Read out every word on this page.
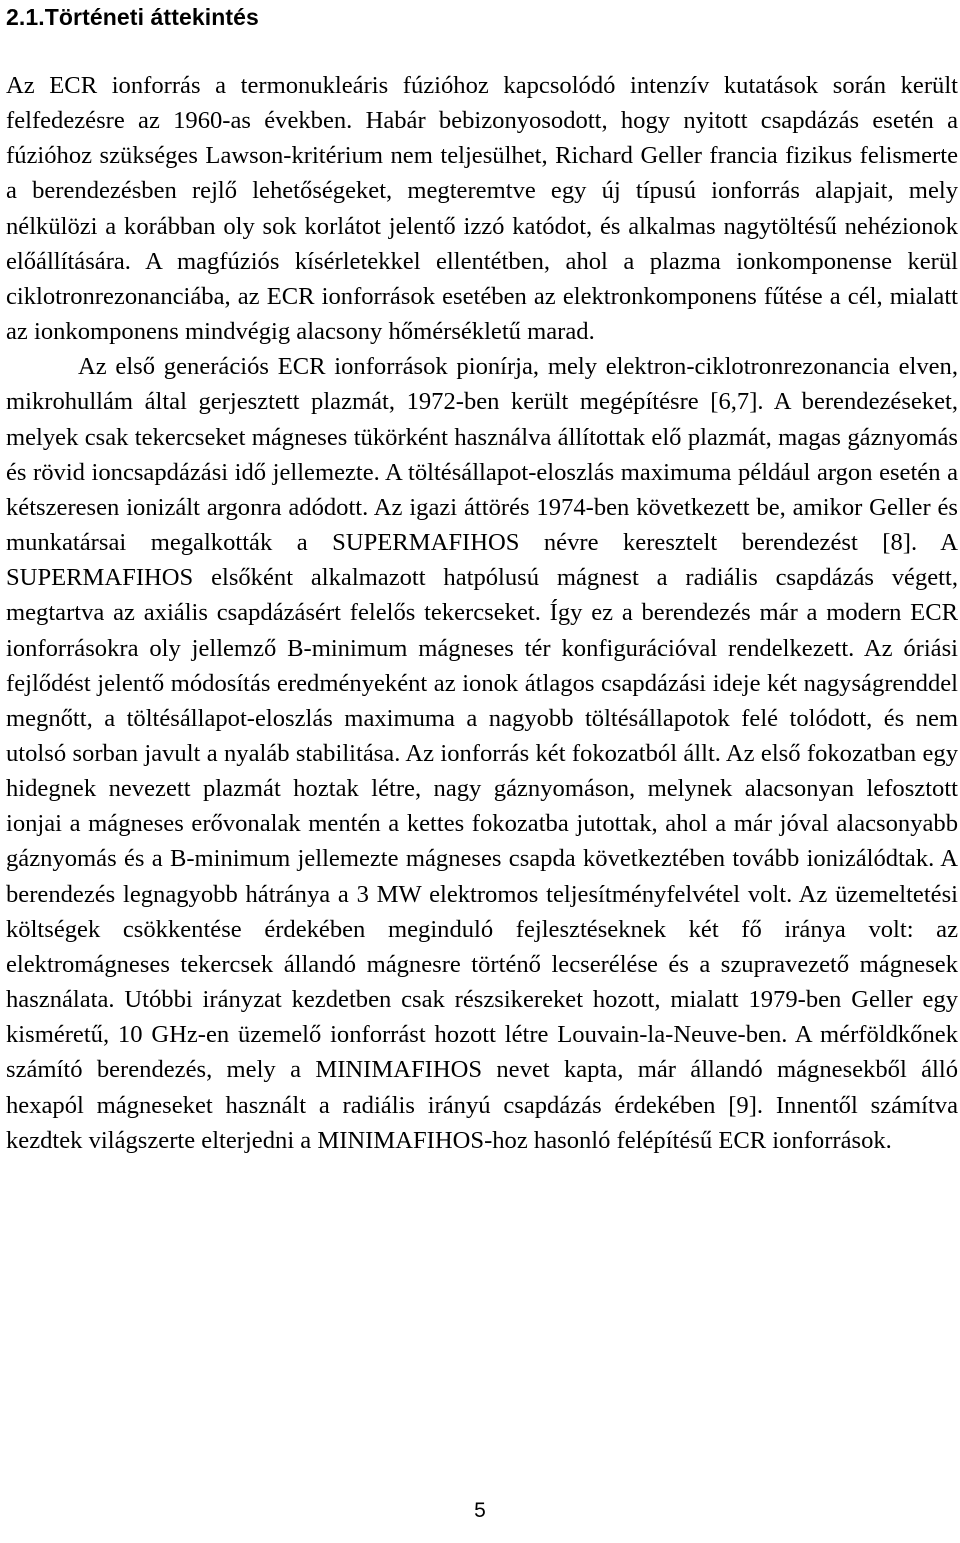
2.1.Történeti áttekintés

Az ECR ionforrás a termonukleáris fúzióhoz kapcsolódó intenzív kutatások során került felfedezésre az 1960-as években. Habár bebizonyosodott, hogy nyitott csapdázás esetén a fúzióhoz szükséges Lawson-kritérium nem teljesülhet, Richard Geller francia fizikus felismerte a berendezésben rejlő lehetőségeket, megteremtve egy új típusú ionforrás alapjait, mely nélkülözi a korábban oly sok korlátot jelentő izzó katódot, és alkalmas nagytöltésű nehézionok előállítására. A magfúziós kísérletekkel ellentétben, ahol a plazma ionkomponense kerül ciklotronrezonanciába, az ECR ionforrások esetében az elektronkomponens fűtése a cél, mialatt az ionkomponens mindvégig alacsony hőmérsékletű marad.

Az első generációs ECR ionforrások pionírja, mely elektron-ciklotronrezonancia elven, mikrohullám által gerjesztett plazmát, 1972-ben került megépítésre [6,7]. A berendezéseket, melyek csak tekercseket mágneses tükörként használva állítottak elő plazmát, magas gáznyomás és rövid ioncsapdázási idő jellemezte. A töltésállapot-eloszlás maximuma például argon esetén a kétszeresen ionizált argonra adódott. Az igazi áttörés 1974-ben következett be, amikor Geller és munkatársai megalkották a SUPERMAFIHOS névre keresztelt berendezést [8]. A SUPERMAFIHOS elsőként alkalmazott hatpólusú mágnest a radiális csapdázás végett, megtartva az axiális csapdázásért felelős tekercseket. Így ez a berendezés már a modern ECR ionforrásokra oly jellemző B-minimum mágneses tér konfigurációval rendelkezett. Az óriási fejlődést jelentő módosítás eredményeként az ionok átlagos csapdázási ideje két nagyságrenddel megnőtt, a töltésállapot-eloszlás maximuma a nagyobb töltésállapotok felé tolódott, és nem utolsó sorban javult a nyaláb stabilitása. Az ionforrás két fokozatból állt. Az első fokozatban egy hidegnek nevezett plazmát hoztak létre, nagy gáznyomáson, melynek alacsonyan lefosztott ionjai a mágneses erővonalak mentén a kettes fokozatba jutottak, ahol a már jóval alacsonyabb gáznyomás és a B-minimum jellemezte mágneses csapda következtében tovább ionizálódtak. A berendezés legnagyobb hátránya a 3 MW elektromos teljesítményfelvétel volt. Az üzemeltetési költségek csökkentése érdekében meginduló fejlesztéseknek két fő iránya volt: az elektromágneses tekercsek állandó mágnesre történő lecserélése és a szupravezető mágnesek használata. Utóbbi irányzat kezdetben csak részsikereket hozott, mialatt 1979-ben Geller egy kisméretű, 10 GHz-en üzemelő ionforrást hozott létre Louvain-la-Neuve-ben. A mérföldkőnek számító berendezés, mely a MINIMAFIHOS nevet kapta, már állandó mágnesekből álló hexapól mágneseket használt a radiális irányú csapdázás érdekében [9]. Innentől számítva kezdtek világszerte elterjedni a MINIMAFIHOS-hoz hasonló felépítésű ECR ionforrások.

5
